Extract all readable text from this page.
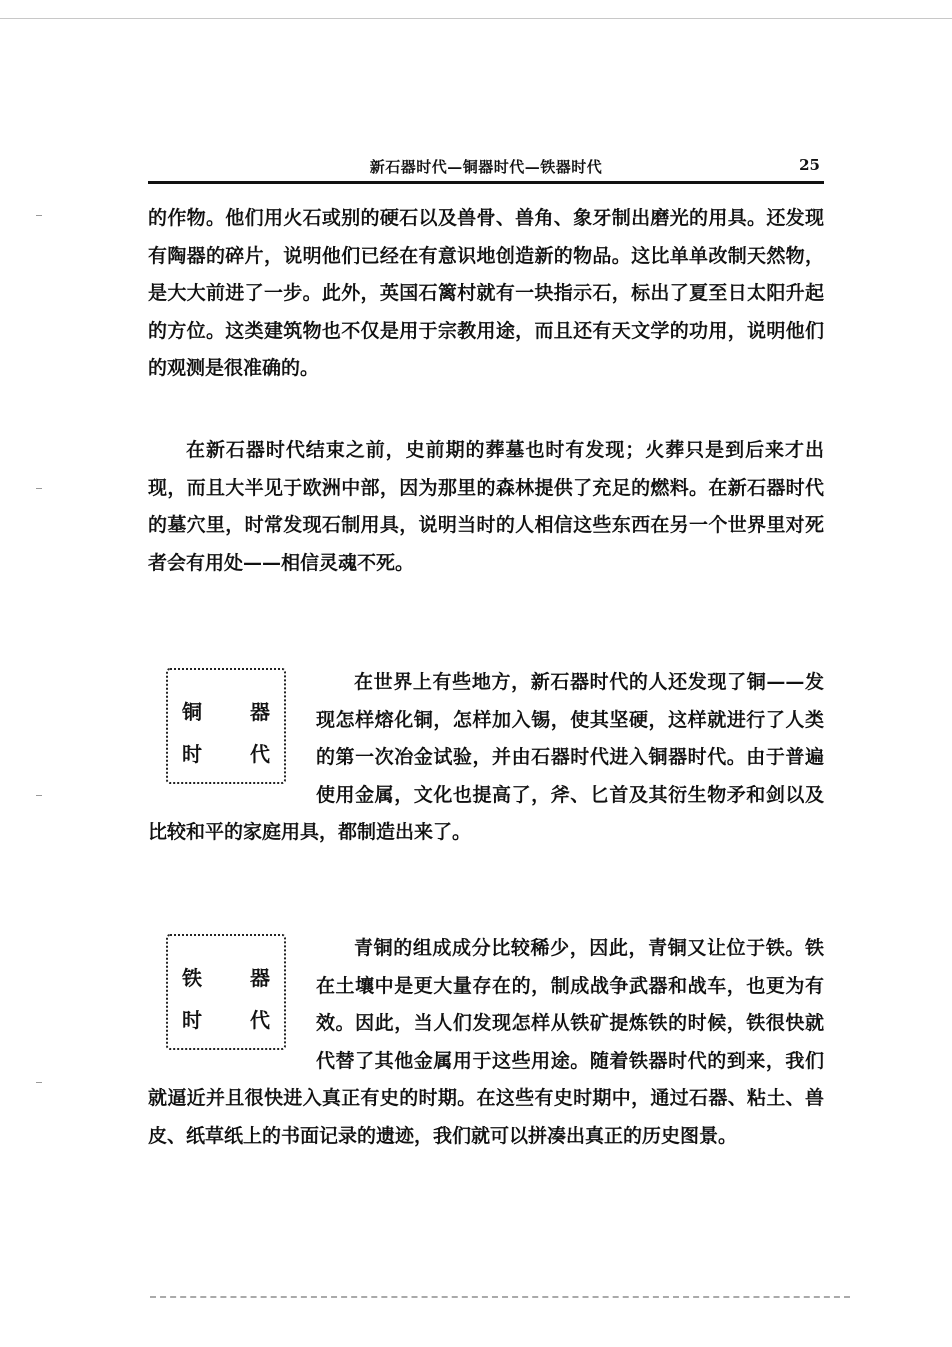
新石器时代—铜器时代—铁器时代	25

的作物。他们用火石或别的硬石以及兽骨、兽角、象牙制出磨光的用具。还发现有陶器的碎片，说明他们已经在有意识地创造新的物品。这比单单改制天然物，是大大前进了一步。此外，英国石篱村就有一块指示石，标出了夏至日太阳升起的方位。这类建筑物也不仅是用于宗教用途，而且还有天文学的功用，说明他们的观测是很准确的。

在新石器时代结束之前，史前期的葬墓也时有发现；火葬只是到后来才出现，而且大半见于欧洲中部，因为那里的森林提供了充足的燃料。在新石器时代的墓穴里，时常发现石制用具，说明当时的人相信这些东西在另一个世界里对死者会有用处——相信灵魂不死。

铜 器
时 代

在世界上有些地方，新石器时代的人还发现了铜——发现怎样熔化铜，怎样加入锡，使其坚硬，这样就进行了人类的第一次冶金试验，并由石器时代进入铜器时代。由于普遍使用金属，文化也提高了，斧、匕首及其衍生物矛和剑以及比较和平的家庭用具，都制造出来了。

铁 器
时 代

青铜的组成成分比较稀少，因此，青铜又让位于铁。铁在土壤中是更大量存在的，制成战争武器和战车，也更为有效。因此，当人们发现怎样从铁矿提炼铁的时候，铁很快就代替了其他金属用于这些用途。随着铁器时代的到来，我们就逼近并且很快进入真正有史的时期。在这些有史时期中，通过石器、粘土、兽皮、纸草纸上的书面记录的遗迹，我们就可以拼凑出真正的历史图景。
